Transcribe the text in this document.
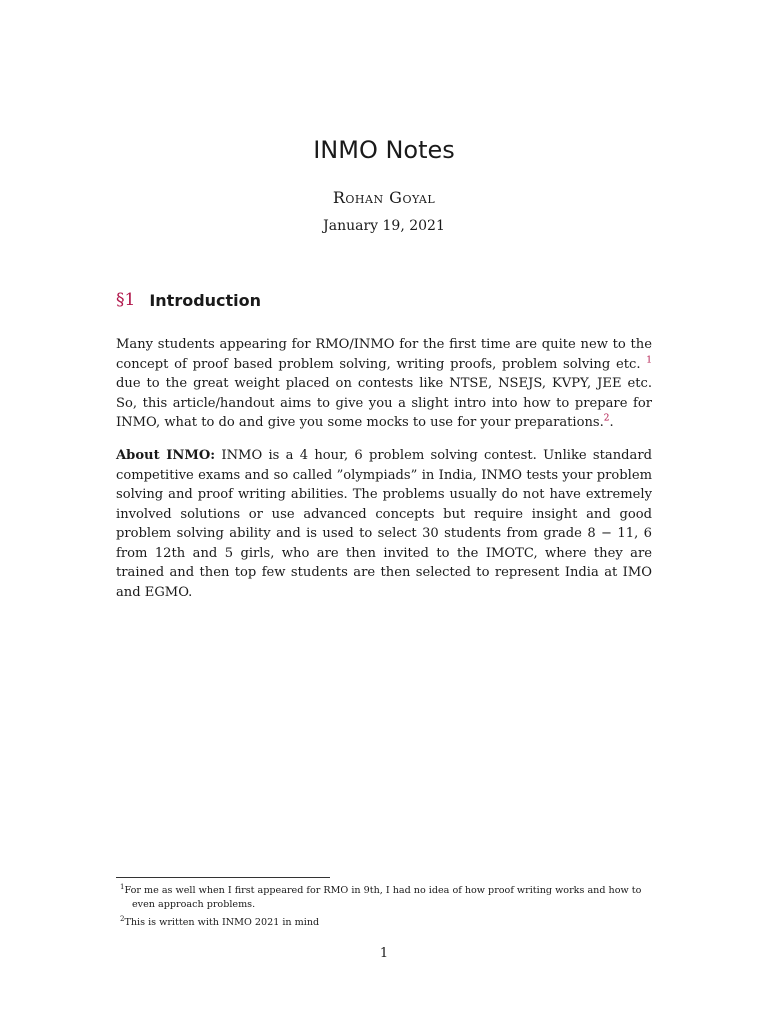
INMO Notes
Rohan Goyal
January 19, 2021
§1 Introduction

Many students appearing for RMO/INMO for the first time are quite new to the concept of proof based problem solving, writing proofs, problem solving etc. $^1$ due to the great weight placed on contests like NTSE, NSEJS, KVPY, JEE etc. So, this article/handout aims to give you a slight intro into how to prepare for INMO, what to do and give you some mocks to use for your preparations.$^2$.

About INMO: INMO is a 4 hour, 6 problem solving contest. Unlike standard competitive exams and so called ”olympiads” in India, INMO tests your problem solving and proof writing abilities. The problems usually do not have extremely involved solutions or use advanced concepts but require insight and good problem solving ability and is used to select 30 students from grade 8 − 11, 6 from 12th and 5 girls, who are then invited to the IMOTC, where they are trained and then top few students are then selected to represent India at IMO and EGMO.

$^1$For me as well when I first appeared for RMO in 9th, I had no idea of how proof writing works and how to even approach problems.

$^2$This is written with INMO 2021 in mind

1
